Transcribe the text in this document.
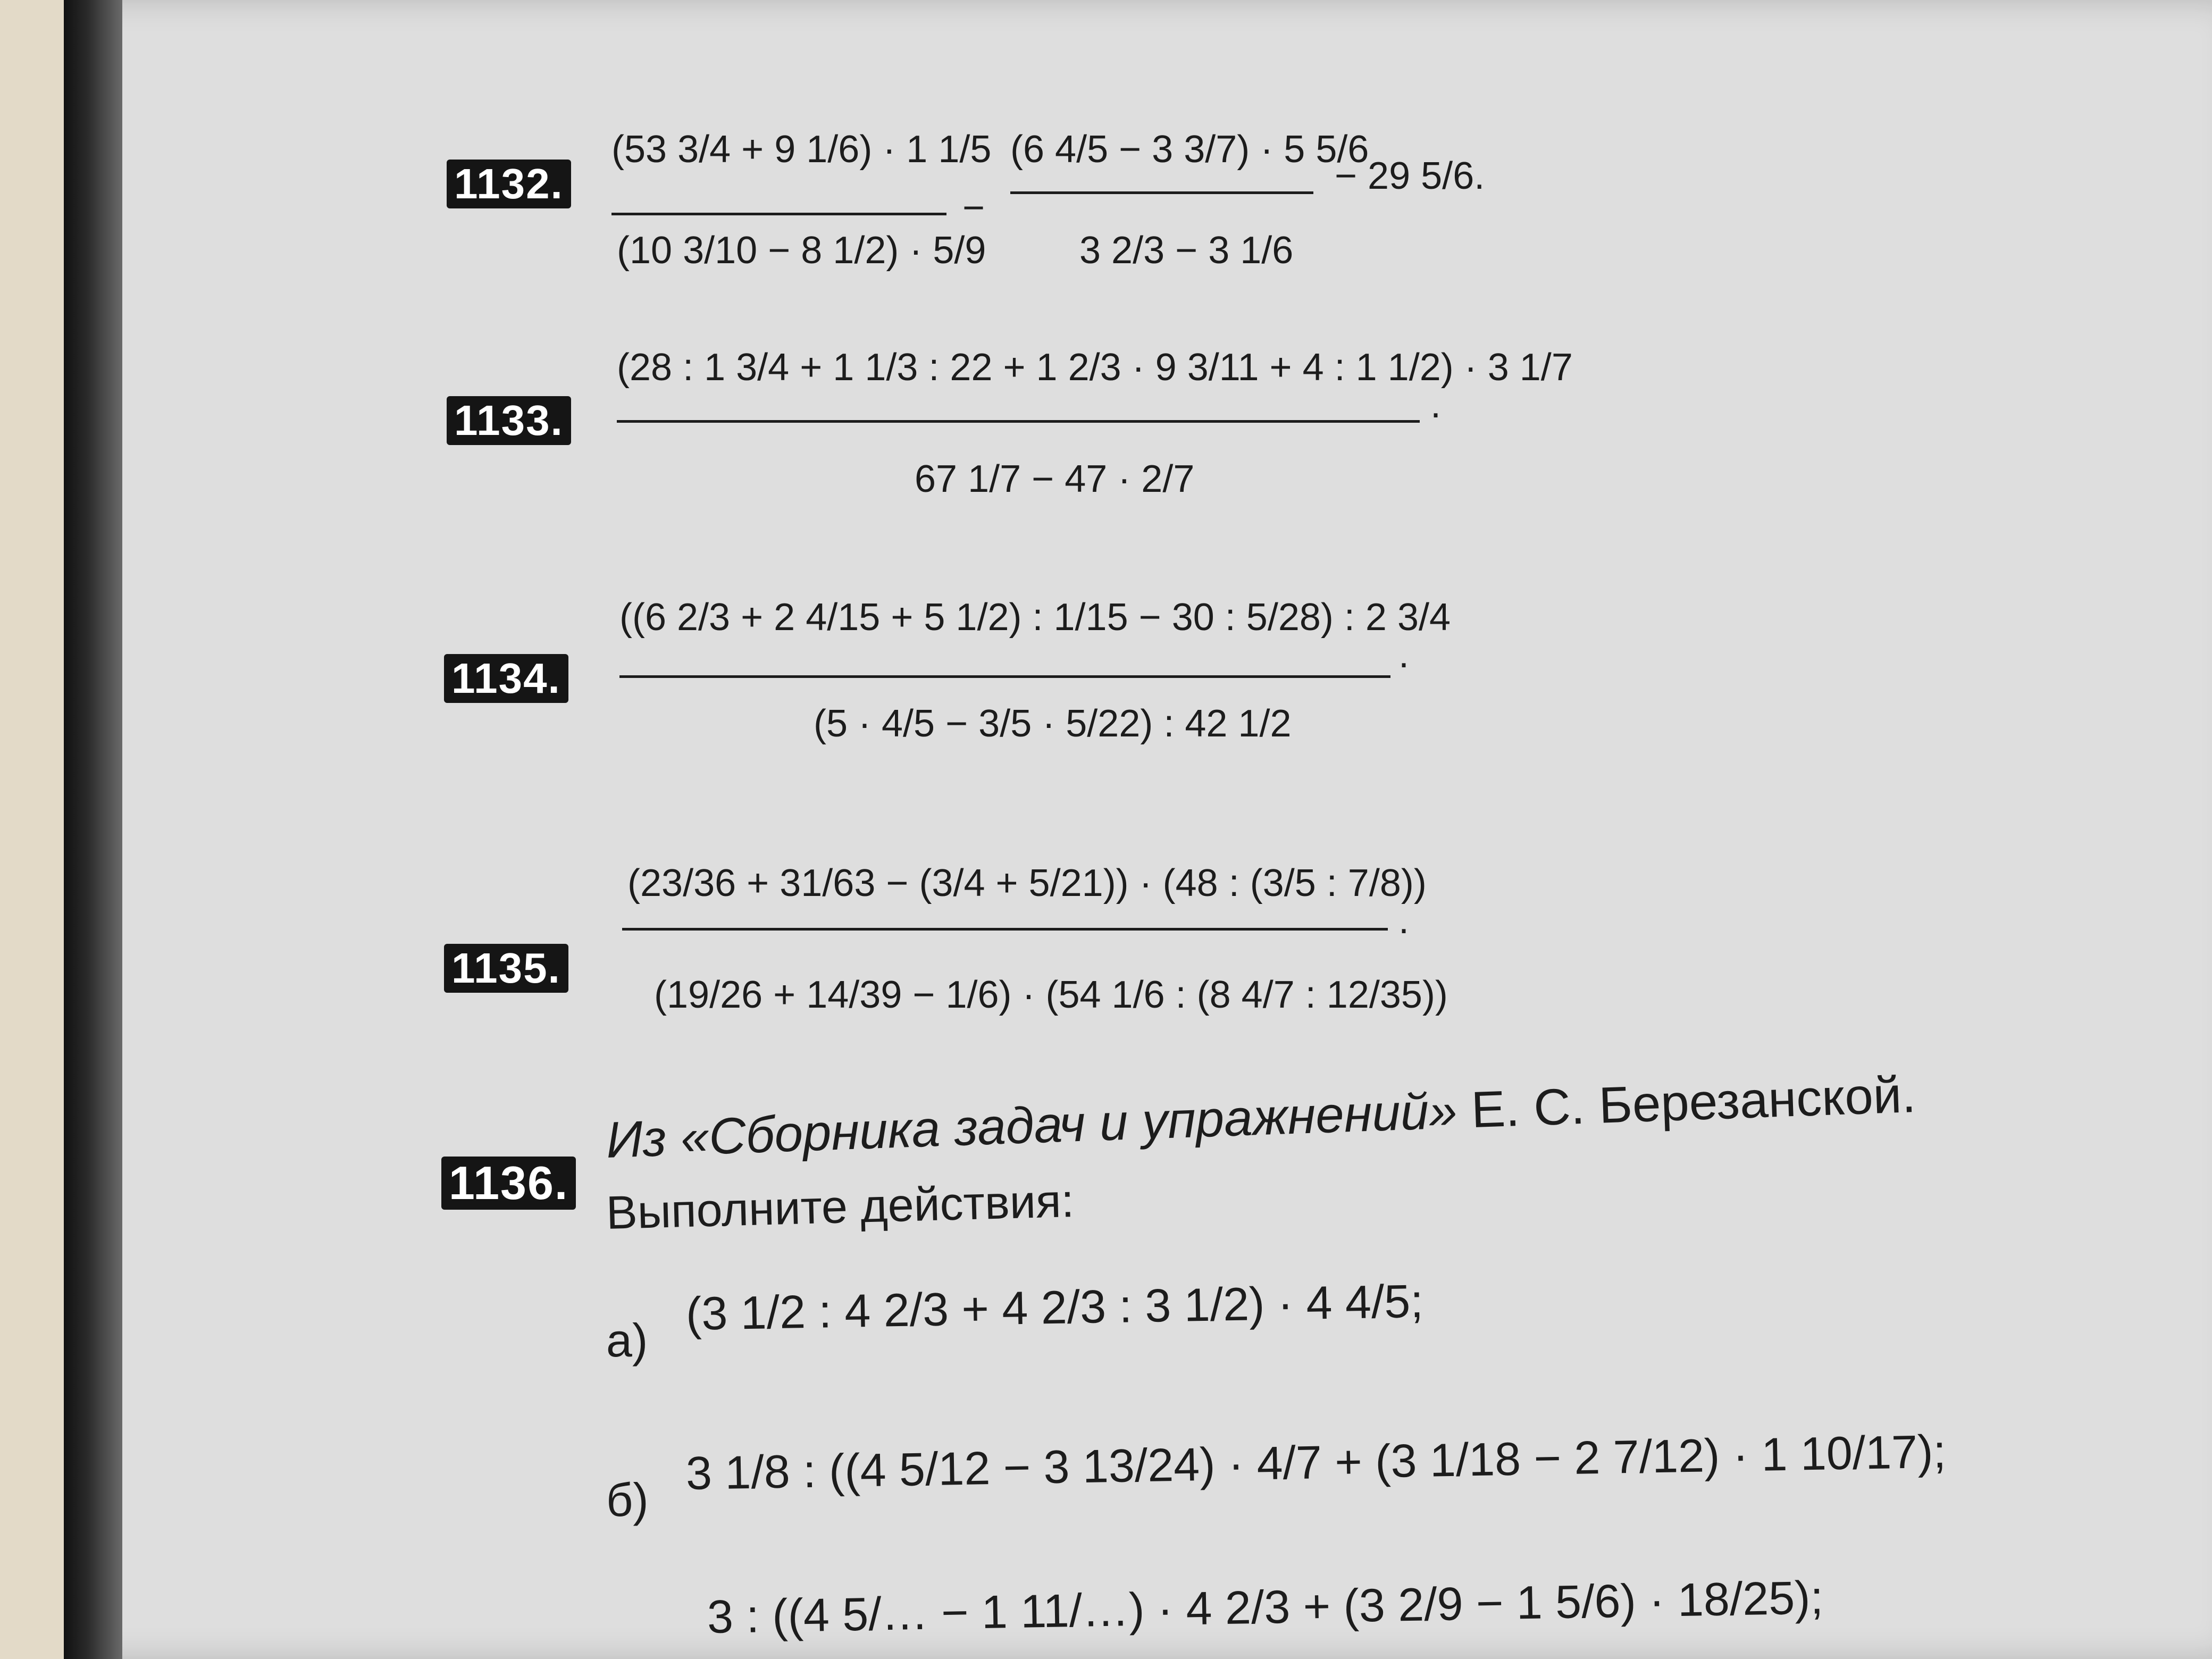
1132.
(53 3/4 + 9 1/6) · 1 1/5
(10 3/10 − 8 1/2) · 5/9
−
(6 4/5 − 3 3/7) · 5 5/6
3 2/3 − 3 1/6
− 29 5/6.
1133.
(28 : 1 3/4 + 1 1/3 : 22 + 1 2/3 · 9 3/11 + 4 : 1 1/2) · 3 1/7
.
67 1/7 − 47 · 2/7
1134.
((6 2/3 + 2 4/15 + 5 1/2) : 1/15 − 30 : 5/28) : 2 3/4
.
(5 · 4/5 − 3/5 · 5/22) : 42 1/2
1135.
(23/36 + 31/63 − (3/4 + 5/21)) · (48 : (3/5 : 7/8))
.
(19/26 + 14/39 − 1/6) · (54 1/6 : (8 4/7 : 12/35))
1136.
Из «Сборника задач и упражнений» Е. С. Березанской.
Выполните действия:
а)
(3 1/2 : 4 2/3 + 4 2/3 : 3 1/2) · 4 4/5;
б)
3 1/8 : ((4 5/12 − 3 13/24) · 4/7 + (3 1/18 − 2 7/12) · 1 10/17);
3 : ((4 5/… − 1 11/…) · 4 2/3 + (3 2/9 − 1 5/6) · 18/25);
